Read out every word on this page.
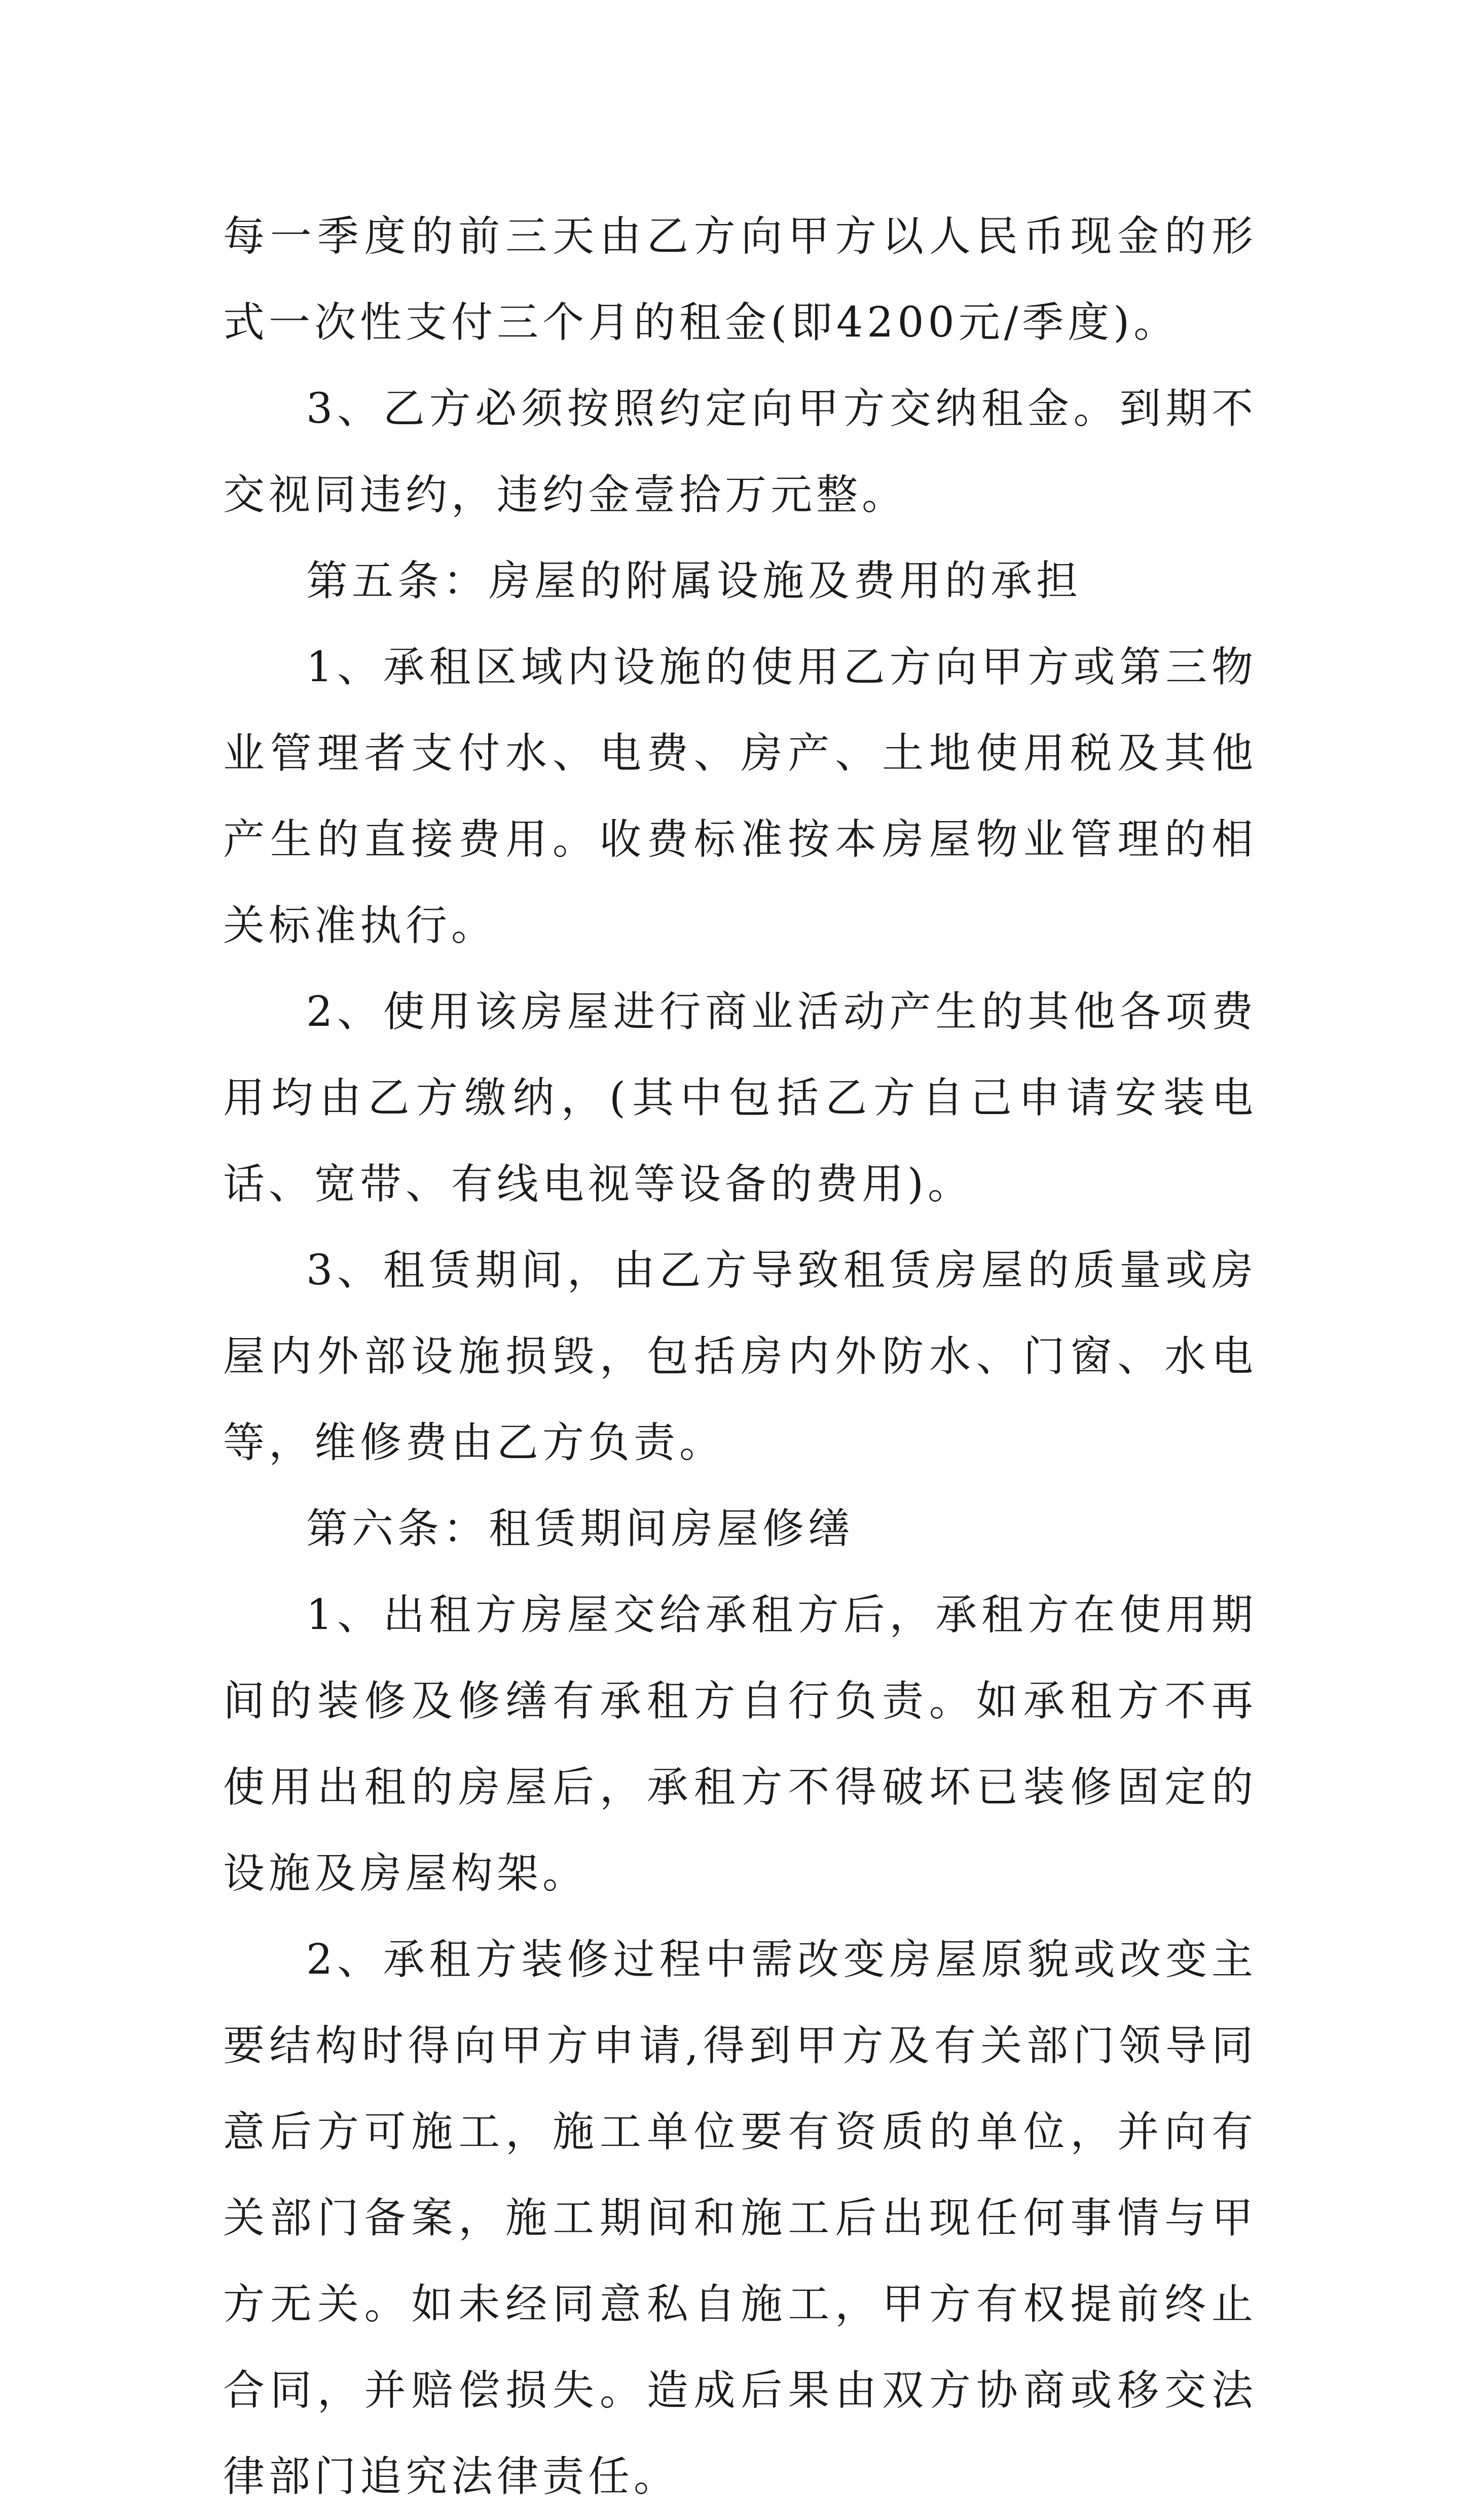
每一季度的前三天由乙方向甲方以人民币现金的形式一次性支付三个月的租金(即4200元/季度)。

3、乙方必须按照约定向甲方交纳租金。到期不交视同违约，违约金壹拾万元整。

第五条：房屋的附属设施及费用的承担

1、承租区域内设施的使用乙方向甲方或第三物业管理者支付水、电费、房产、土地使用税及其他产生的直接费用。收费标准按本房屋物业管理的相关标准执行。

2、使用该房屋进行商业活动产生的其他各项费用均由乙方缴纳，(其中包括乙方自己申请安装电话、宽带、有线电视等设备的费用)。

3、租赁期间，由乙方导致租赁房屋的质量或房屋内外部设施损毁，包括房内外防水、门窗、水电等，维修费由乙方负责。

第六条：租赁期间房屋修缮

1、出租方房屋交给承租方后，承租方在使用期间的装修及修缮有承租方自行负责。如承租方不再使用出租的房屋后，承租方不得破坏已装修固定的设施及房屋构架。

2、承租方装修过程中需改变房屋原貌或改变主要结构时得向甲方申请,得到甲方及有关部门领导同意后方可施工，施工单位要有资质的单位，并向有关部门备案，施工期间和施工后出现任何事情与甲方无关。如未经同意私自施工，甲方有权提前终止合同，并赔偿损失。造成后果由双方协商或移交法律部门追究法律责任。
